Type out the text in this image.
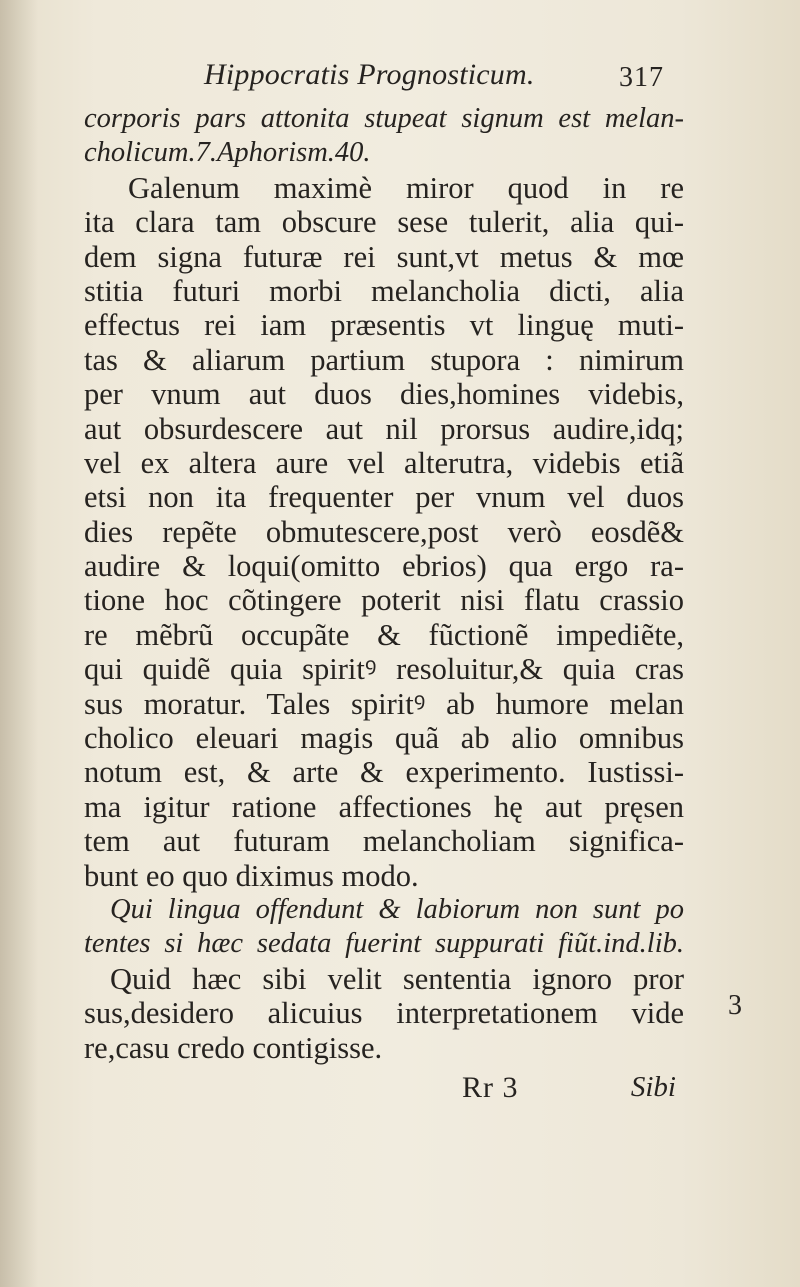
Hippocratis Prognosticum.	317
corporis pars attonita stupeat signum est melan-
cholicum.7.Aphorism.40.
Galenum maximè miror quod in re
ita clara tam obscure sese tulerit, alia qui-
dem signa futuræ rei sunt,vt metus & mœ
stitia futuri morbi melancholia dicti, alia
effectus rei iam præsentis vt linguę muti-
tas & aliarum partium stupora : nimirum
per vnum aut duos dies,homines videbis,
aut obsurdescere aut nil prorsus audire,idq;
vel ex altera aure vel alterutra, videbis etiã
etsi non ita frequenter per vnum vel duos
dies repẽte obmutescere,post verò eosdẽ&
audire & loqui(omitto ebrios) qua ergo ra-
tione hoc cõtingere poterit nisi flatu crassio
re mẽbrũ occupãte & fũctionẽ impediẽte,
qui quidẽ quia spiritꝰ resoluitur,& quia cras
sus moratur. Tales spiritꝰ ab humore melan
cholico eleuari magis quã ab alio omnibus
notum est, & arte & experimento. Iustissi-
ma igitur ratione affectiones hę aut pręsen
tem aut futuram melancholiam significa-
bunt eo quo diximus modo.
Qui lingua offendunt & labiorum non sunt po
tentes si hæc sedata fuerint suppurati fiũt.ind.lib.
Quid hæc sibi velit sententia ignoro pror
sus,desidero alicuius interpretationem vide
re,casu credo contigisse.
Rr 3	Sibi
3
